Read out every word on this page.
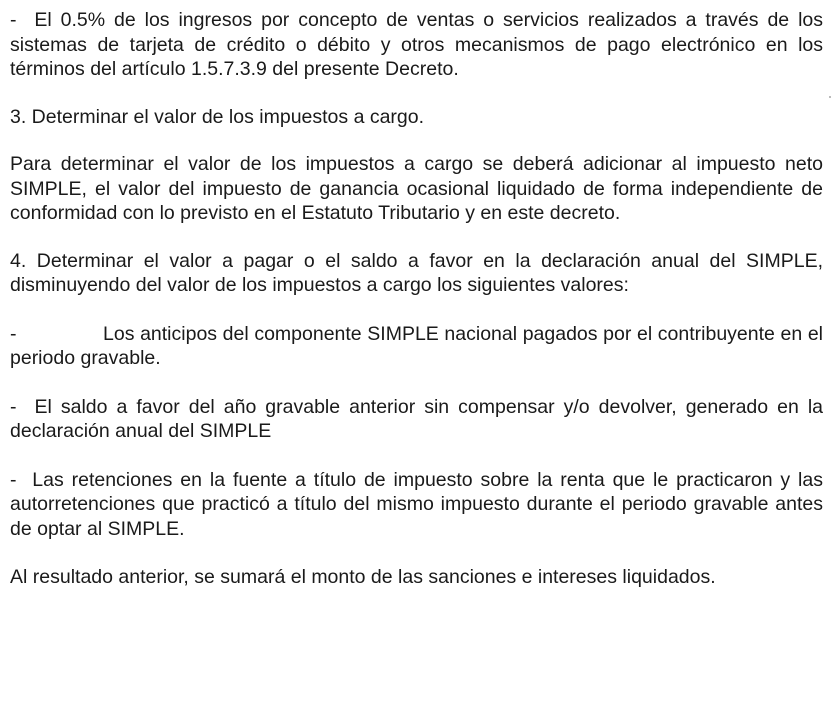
- El 0.5% de los ingresos por concepto de ventas o servicios realizados a través de los sistemas de tarjeta de crédito o débito y otros mecanismos de pago electrónico en los términos del artículo 1.5.7.3.9 del presente Decreto.

3. Determinar el valor de los impuestos a cargo.

Para determinar el valor de los impuestos a cargo se deberá adicionar al impuesto neto SIMPLE, el valor del impuesto de ganancia ocasional liquidado de forma independiente de conformidad con lo previsto en el Estatuto Tributario y en este decreto.

4. Determinar el valor a pagar o el saldo a favor en la declaración anual del SIMPLE, disminuyendo del valor de los impuestos a cargo los siguientes valores:

-	Los anticipos del componente SIMPLE nacional pagados por el contribuyente en el periodo gravable.

- El saldo a favor del año gravable anterior sin compensar y/o devolver, generado en la declaración anual del SIMPLE

- Las retenciones en la fuente a título de impuesto sobre la renta que le practicaron y las autorretenciones que practicó a título del mismo impuesto durante el periodo gravable antes de optar al SIMPLE.

Al resultado anterior, se sumará el monto de las sanciones e intereses liquidados.
